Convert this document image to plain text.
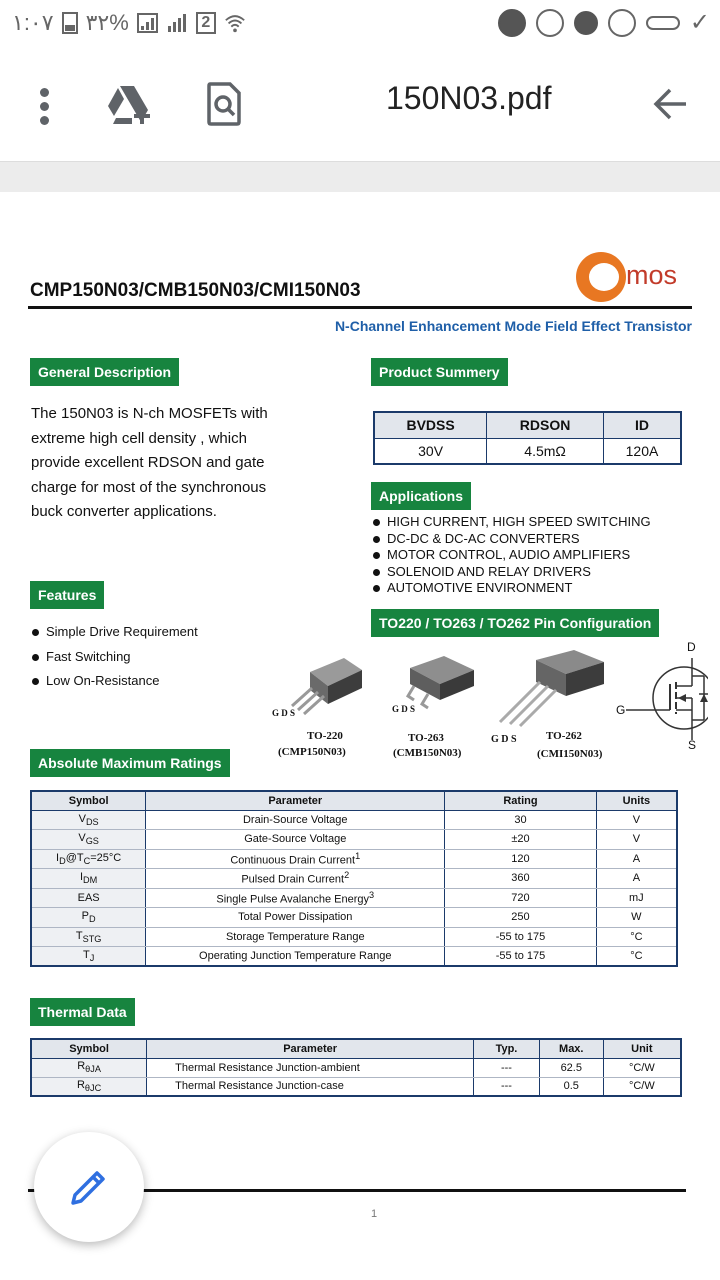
١:٠٧ ٣٢%	2	✓
150N03.pdf
CMP150N03/CMB150N03/CMI150N03
mos
N-Channel Enhancement Mode Field Effect Transistor
General Description
The 150N03 is N-ch MOSFETs with extreme high cell density , which provide excellent RDSON and gate charge for most of the synchronous buck converter applications.
Product Summery
BVDSS	RDSON	ID
30V	4.5mΩ	120A
Applications
HIGH CURRENT, HIGH SPEED SWITCHING
DC-DC & DC-AC CONVERTERS
MOTOR CONTROL, AUDIO AMPLIFIERS
SOLENOID AND RELAY DRIVERS
AUTOMOTIVE ENVIRONMENT
Features
Simple Drive Requirement
Fast Switching
Low On-Resistance
TO220 / TO263 / TO262 Pin Configuration
G D S
TO-220
(CMP150N03)
G D S
TO-263
(CMB150N03)
G D S	TO-262
(CMI150N03)
D
G
S
Absolute Maximum Ratings
Symbol	Parameter	Rating	Units
$V_{DS}$	Drain-Source Voltage	30	V
$V_{GS}$	Gate-Source Voltage	±20	V
$I_D@T_C=25^\circ C$	Continuous Drain Current$^1$	120	A
$I_{DM}$	Pulsed Drain Current$^2$	360	A
EAS	Single Pulse Avalanche Energy$^3$	720	mJ
$P_D$	Total Power Dissipation	250	W
$T_{STG}$	Storage Temperature Range	-55 to 175	°C
$T_J$	Operating Junction Temperature Range	-55 to 175	°C
Thermal Data
Symbol	Parameter	Typ.	Max.	Unit
$R_{\theta JA}$	Thermal Resistance Junction-ambient	---	62.5	°C/W
$R_{\theta JC}$	Thermal Resistance Junction-case	---	0.5	°C/W
1
